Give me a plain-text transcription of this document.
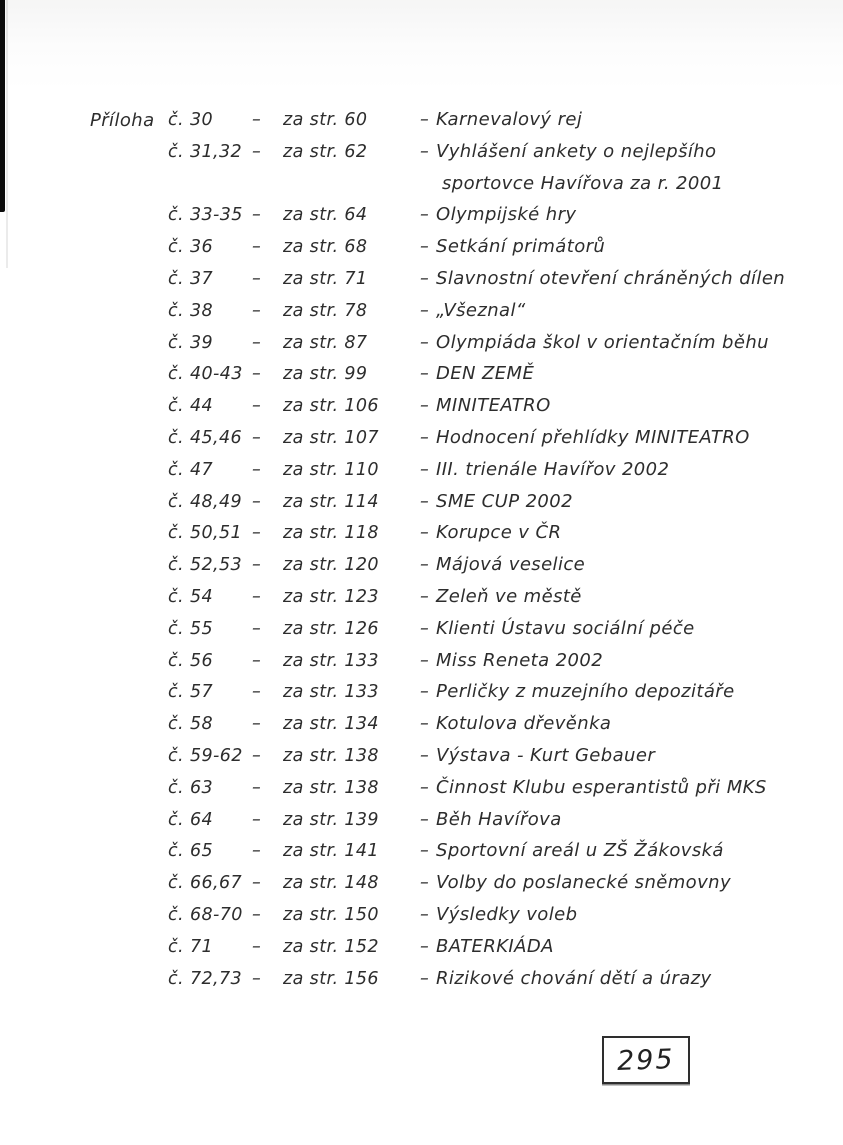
Příloha č. 30 – za str. 60	– Karnevalový rej
č. 31,32 – za str. 62	– Vyhlášení ankety o nejlepšího
sportovce Havířova za r. 2001
č. 33-35 – za str. 64	– Olympijské hry
č. 36 – za str. 68	– Setkání primátorů
č. 37 – za str. 71	– Slavnostní otevření chráněných dílen
č. 38 – za str. 78	– „Všeznal“
č. 39 – za str. 87	– Olympiáda škol v orientačním běhu
č. 40-43 – za str. 99	– DEN ZEMĚ
č. 44 – za str. 106 – MINITEATRO
č. 45,46 – za str. 107 – Hodnocení přehlídky MINITEATRO
č. 47 – za str. 110 – III. trienále Havířov 2002
č. 48,49 – za str. 114 – SME CUP 2002
č. 50,51 – za str. 118 – Korupce v ČR
č. 52,53 – za str. 120 – Májová veselice
č. 54 – za str. 123 – Zeleň ve městě
č. 55 – za str. 126 – Klienti Ústavu sociální péče
č. 56 – za str. 133 – Miss Reneta 2002
č. 57 – za str. 133 – Perličky z muzejního depozitáře
č. 58 – za str. 134 – Kotulova dřevěnka
č. 59-62 – za str. 138 – Výstava - Kurt Gebauer
č. 63 – za str. 138 – Činnost Klubu esperantistů při MKS
č. 64 – za str. 139 – Běh Havířova
č. 65 – za str. 141 – Sportovní areál u ZŠ Žákovská
č. 66,67 – za str. 148 – Volby do poslanecké sněmovny
č. 68-70 – za str. 150 – Výsledky voleb
č. 71 – za str. 152 – BATERKIÁDA
č. 72,73 – za str. 156 – Rizikové chování dětí a úrazy
295
